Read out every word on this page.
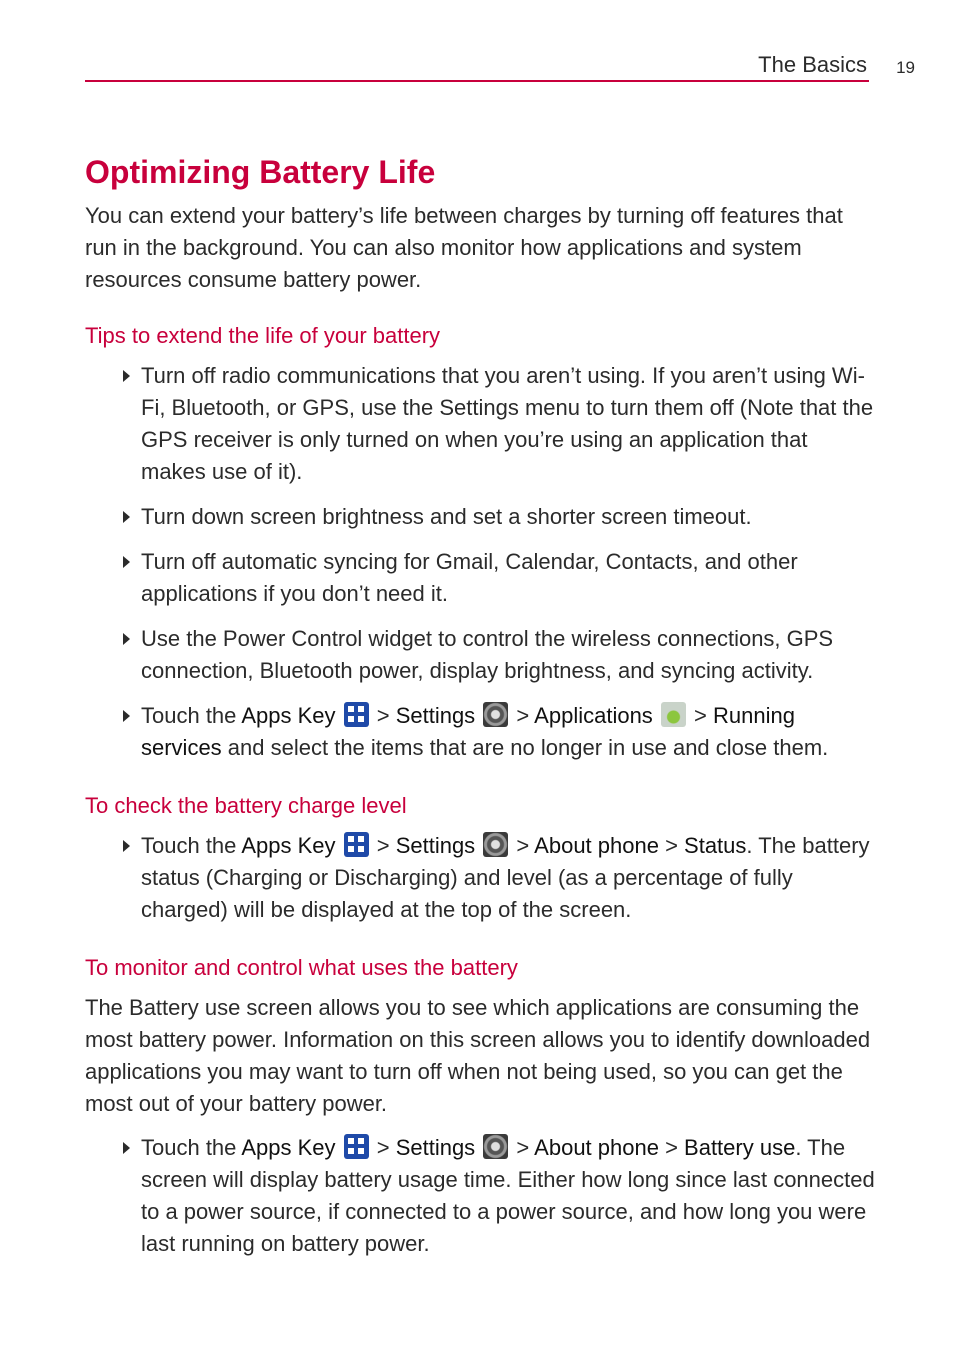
The Basics 19
Optimizing Battery Life

You can extend your battery’s life between charges by turning off features that run in the background. You can also monitor how applications and system resources consume battery power.

Tips to extend the life of your battery
Turn off radio communications that you aren’t using. If you aren’t using Wi-Fi, Bluetooth, or GPS, use the Settings menu to turn them off (Note that the GPS receiver is only turned on when you’re using an application that makes use of it).
Turn down screen brightness and set a shorter screen timeout.
Turn off automatic syncing for Gmail, Calendar, Contacts, and other applications if you don’t need it.
Use the Power Control widget to control the wireless connections, GPS connection, Bluetooth power, display brightness, and syncing activity.
Touch the Apps Key  > Settings  > Applications  > Running services and select the items that are no longer in use and close them.
To check the battery charge level
Touch the Apps Key  > Settings  > About phone > Status. The battery status (Charging or Discharging) and level (as a percentage of fully charged) will be displayed at the top of the screen.
To monitor and control what uses the battery

The Battery use screen allows you to see which applications are consuming the most battery power. Information on this screen allows you to identify downloaded applications you may want to turn off when not being used, so you can get the most out of your battery power.

Touch the Apps Key  > Settings  > About phone > Battery use. The screen will display battery usage time. Either how long since last connected to a power source, if connected to a power source, and how long you were last running on battery power.
